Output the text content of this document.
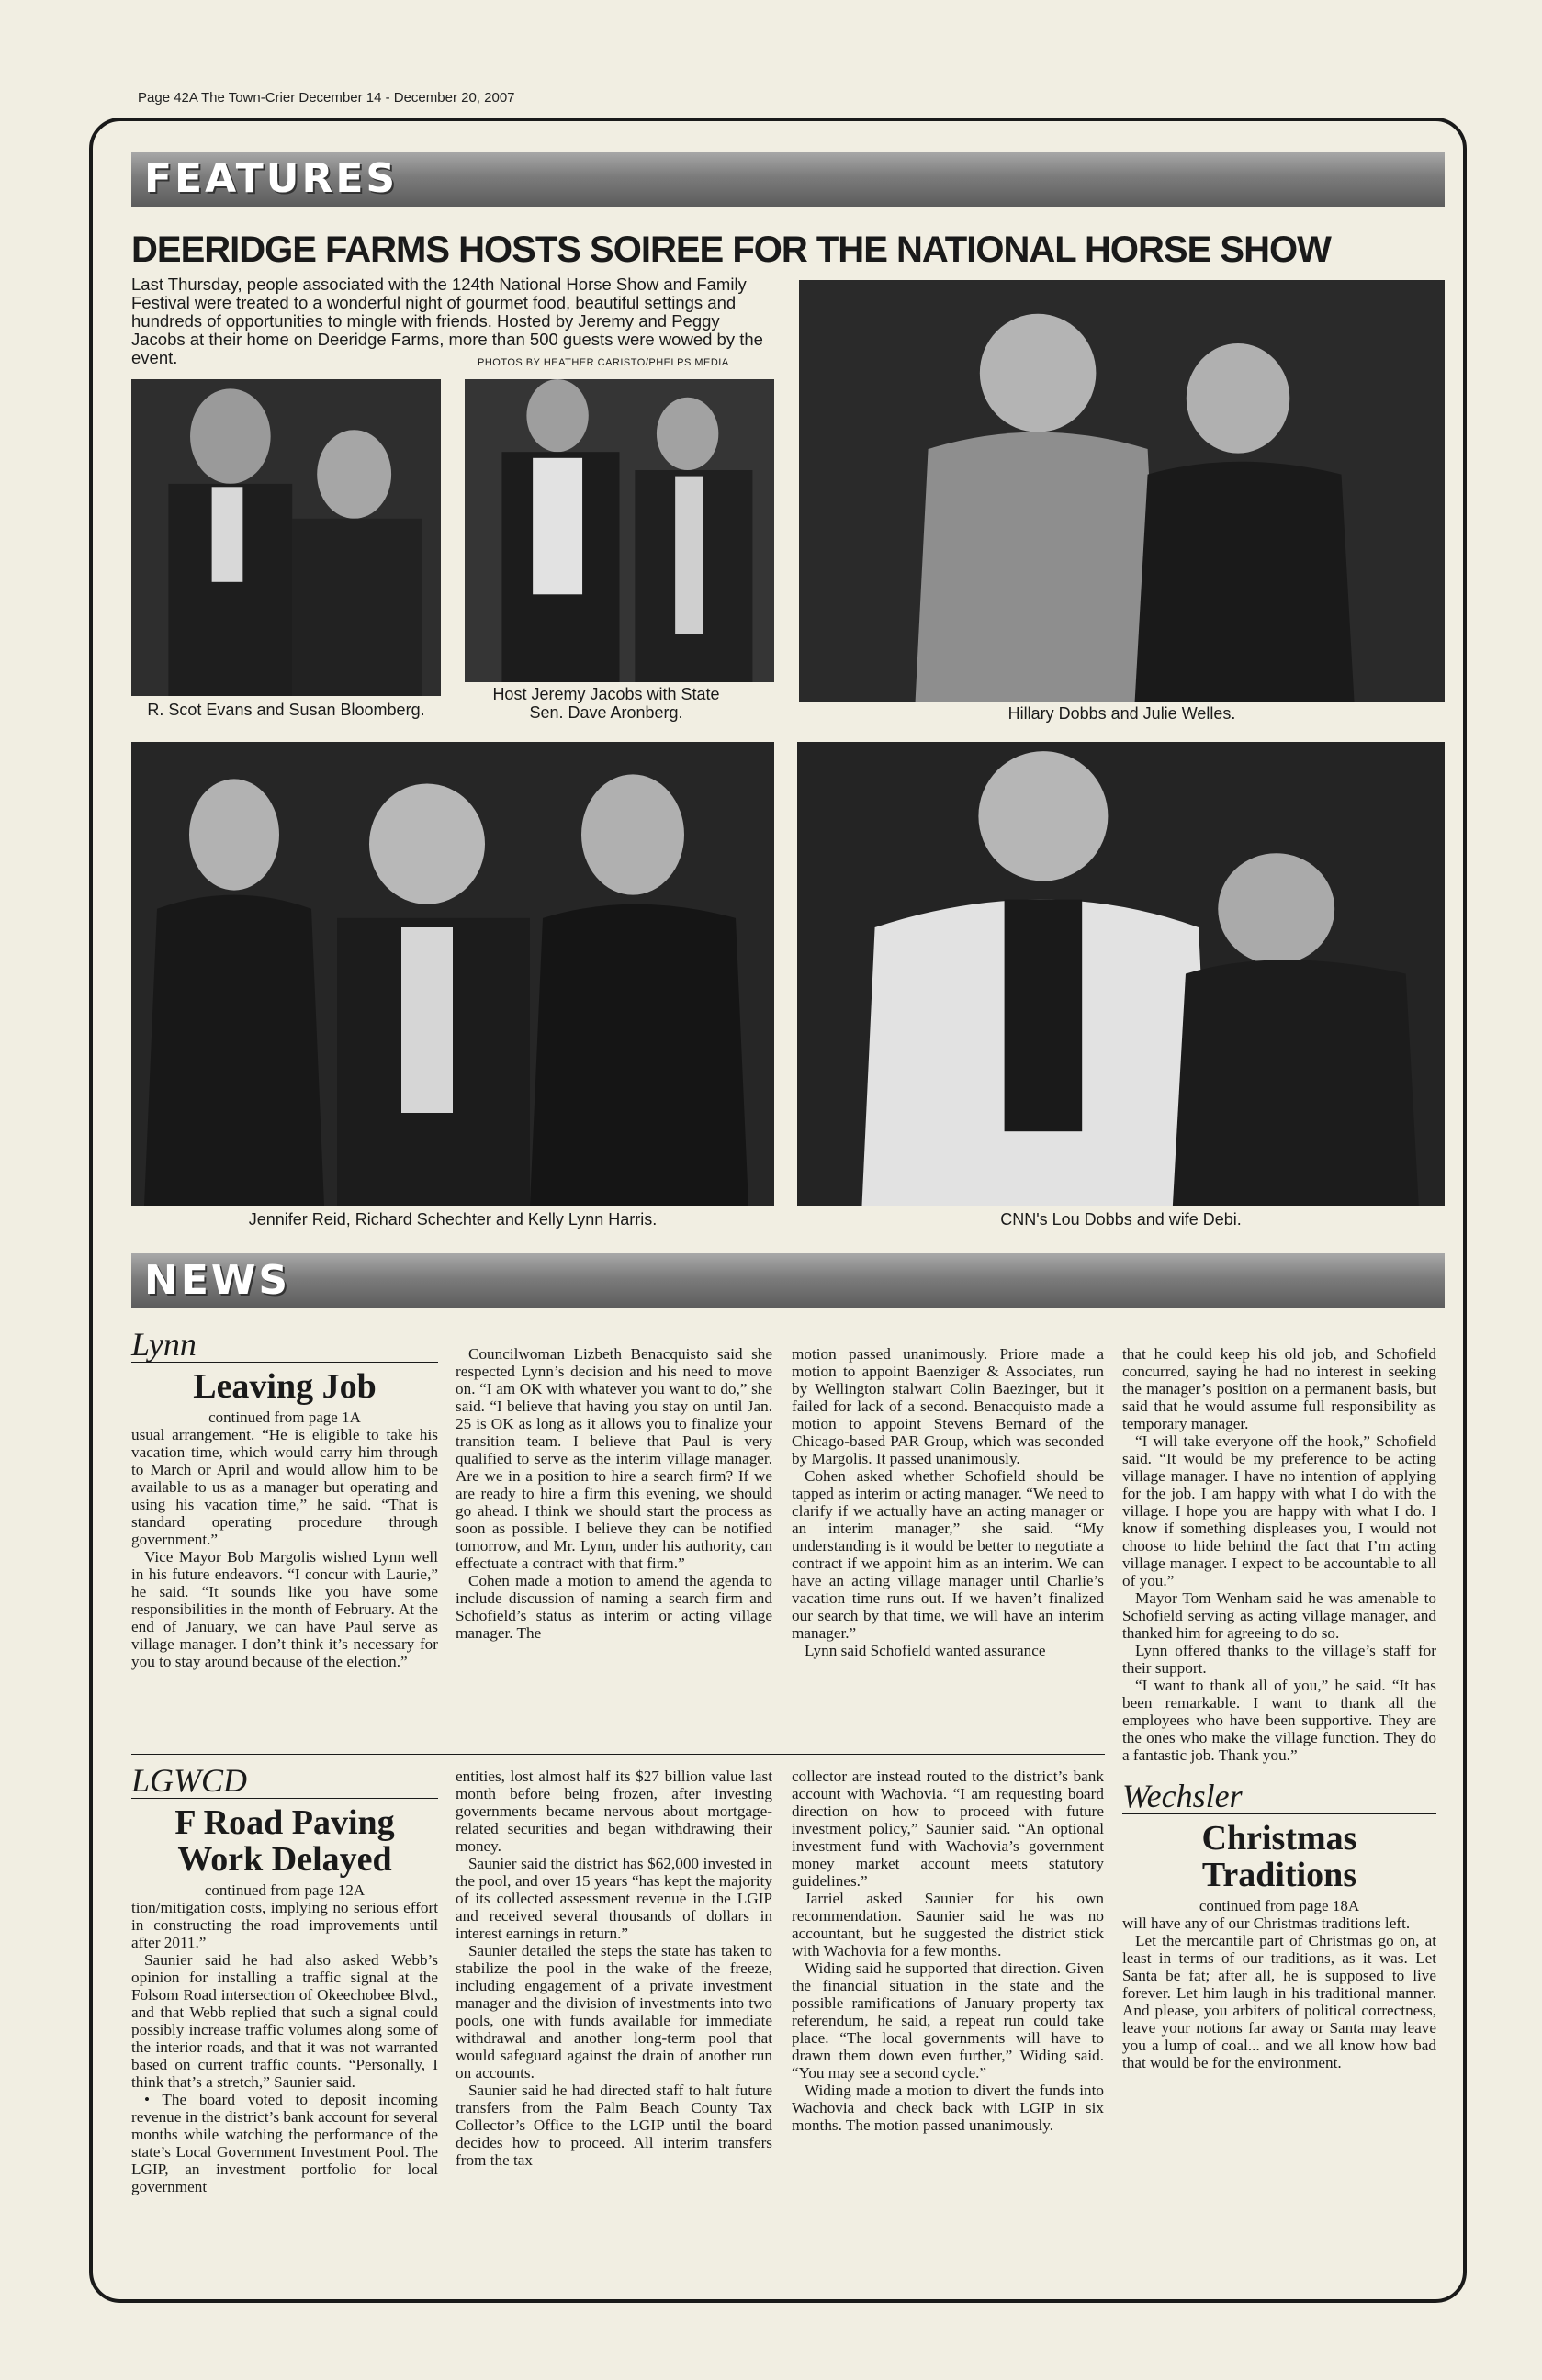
Page 42A The Town-Crier December 14 - December 20, 2007
FEATURES
DEERIDGE FARMS HOSTS SOIREE FOR THE NATIONAL HORSE SHOW
Last Thursday, people associated with the 124th National Horse Show and Family Festival were treated to a wonderful night of gourmet food, beautiful settings and hundreds of opportunities to mingle with friends. Hosted by Jeremy and Peggy Jacobs at their home on Deeridge Farms, more than 500 guests were wowed by the event.	PHOTOS BY HEATHER CARISTO/PHELPS MEDIA
R. Scot Evans and Susan Bloomberg.
Host Jeremy Jacobs with State Sen. Dave Aronberg.	Hillary Dobbs and Julie Welles.
Jennifer Reid, Richard Schechter and Kelly Lynn Harris.	CNN's Lou Dobbs and wife Debi.
NEWS
Lynn
Leaving Job
continued from page 1A

usual arrangement. “He is eligible to take his vacation time, which would carry him through to March or April and would allow him to be available to us as a manager but operating and using his vacation time,” he said. “That is standard operating procedure through government.”

Vice Mayor Bob Margolis wished Lynn well in his future endeavors. “I concur with Laurie,” he said. “It sounds like you have some responsibilities in the month of February. At the end of January, we can have Paul serve as village manager. I don’t think it’s necessary for you to stay around because of the election.”

Councilwoman Lizbeth Benacquisto said she respected Lynn’s decision and his need to move on. “I am OK with whatever you want to do,” she said. “I believe that having you stay on until Jan. 25 is OK as long as it allows you to finalize your transition team. I believe that Paul is very qualified to serve as the interim village manager. Are we in a position to hire a search firm? If we are ready to hire a firm this evening, we should go ahead. I think we should start the process as soon as possible. I believe they can be notified tomorrow, and Mr. Lynn, under his authority, can effectuate a contract with that firm.”

Cohen made a motion to amend the agenda to include discussion of naming a search firm and Schofield’s status as interim or acting village manager. The

motion passed unanimously. Priore made a motion to appoint Baenziger & Associates, run by Wellington stalwart Colin Baezinger, but it failed for lack of a second. Benacquisto made a motion to appoint Stevens Bernard of the Chicago-based PAR Group, which was seconded by Margolis. It passed unanimously.

Cohen asked whether Schofield should be tapped as interim or acting manager. “We need to clarify if we actually have an acting manager or an interim manager,” she said. “My understanding is it would be better to negotiate a contract if we appoint him as an interim. We can have an acting village manager until Charlie’s vacation time runs out. If we haven’t finalized our search by that time, we will have an interim manager.”

Lynn said Schofield wanted assurance

that he could keep his old job, and Schofield concurred, saying he had no interest in seeking the manager’s position on a permanent basis, but said that he would assume full responsibility as temporary manager.

“I will take everyone off the hook,” Schofield said. “It would be my preference to be acting village manager. I have no intention of applying for the job. I am happy with what I do with the village. I hope you are happy with what I do. I know if something displeases you, I would not choose to hide behind the fact that I’m acting village manager. I expect to be accountable to all of you.”

Mayor Tom Wenham said he was amenable to Schofield serving as acting village manager, and thanked him for agreeing to do so.

Lynn offered thanks to the village’s staff for their support.

“I want to thank all of you,” he said. “It has been remarkable. I want to thank all the employees who have been supportive. They are the ones who make the village function. They do a fantastic job. Thank you.”

Wechsler
Christmas Traditions
continued from page 18A

will have any of our Christmas traditions left.

Let the mercantile part of Christmas go on, at least in terms of our traditions, as it was. Let Santa be fat; after all, he is supposed to live forever. Let him laugh in his traditional manner. And please, you arbiters of political correctness, leave your notions far away or Santa may leave you a lump of coal... and we all know how bad that would be for the environment.

LGWCD
F Road Paving Work Delayed
continued from page 12A

tion/mitigation costs, implying no serious effort in constructing the road improvements until after 2011.”

Saunier said he had also asked Webb’s opinion for installing a traffic signal at the Folsom Road intersection of Okeechobee Blvd., and that Webb replied that such a signal could possibly increase traffic volumes along some of the interior roads, and that it was not warranted based on current traffic counts. “Personally, I think that’s a stretch,” Saunier said.

• The board voted to deposit incoming revenue in the district’s bank account for several months while watching the performance of the state’s Local Government Investment Pool. The LGIP, an investment portfolio for local government

entities, lost almost half its $27 billion value last month before being frozen, after investing governments became nervous about mortgage-related securities and began withdrawing their money.

Saunier said the district has $62,000 invested in the pool, and over 15 years “has kept the majority of its collected assessment revenue in the LGIP and received several thousands of dollars in interest earnings in return.”

Saunier detailed the steps the state has taken to stabilize the pool in the wake of the freeze, including engagement of a private investment manager and the division of investments into two pools, one with funds available for immediate withdrawal and another long-term pool that would safeguard against the drain of another run on accounts.

Saunier said he had directed staff to halt future transfers from the Palm Beach County Tax Collector’s Office to the LGIP until the board decides how to proceed. All interim transfers from the tax

collector are instead routed to the district’s bank account with Wachovia. “I am requesting board direction on how to proceed with future investment policy,” Saunier said. “An optional investment fund with Wachovia’s government money market account meets statutory guidelines.”

Jarriel asked Saunier for his own recommendation. Saunier said he was no accountant, but he suggested the district stick with Wachovia for a few months.

Widing said he supported that direction. Given the financial situation in the state and the possible ramifications of January property tax referendum, he said, a repeat run could take place. “The local governments will have to drawn them down even further,” Widing said. “You may see a second cycle.”

Widing made a motion to divert the funds into Wachovia and check back with LGIP in six months. The motion passed unanimously.
